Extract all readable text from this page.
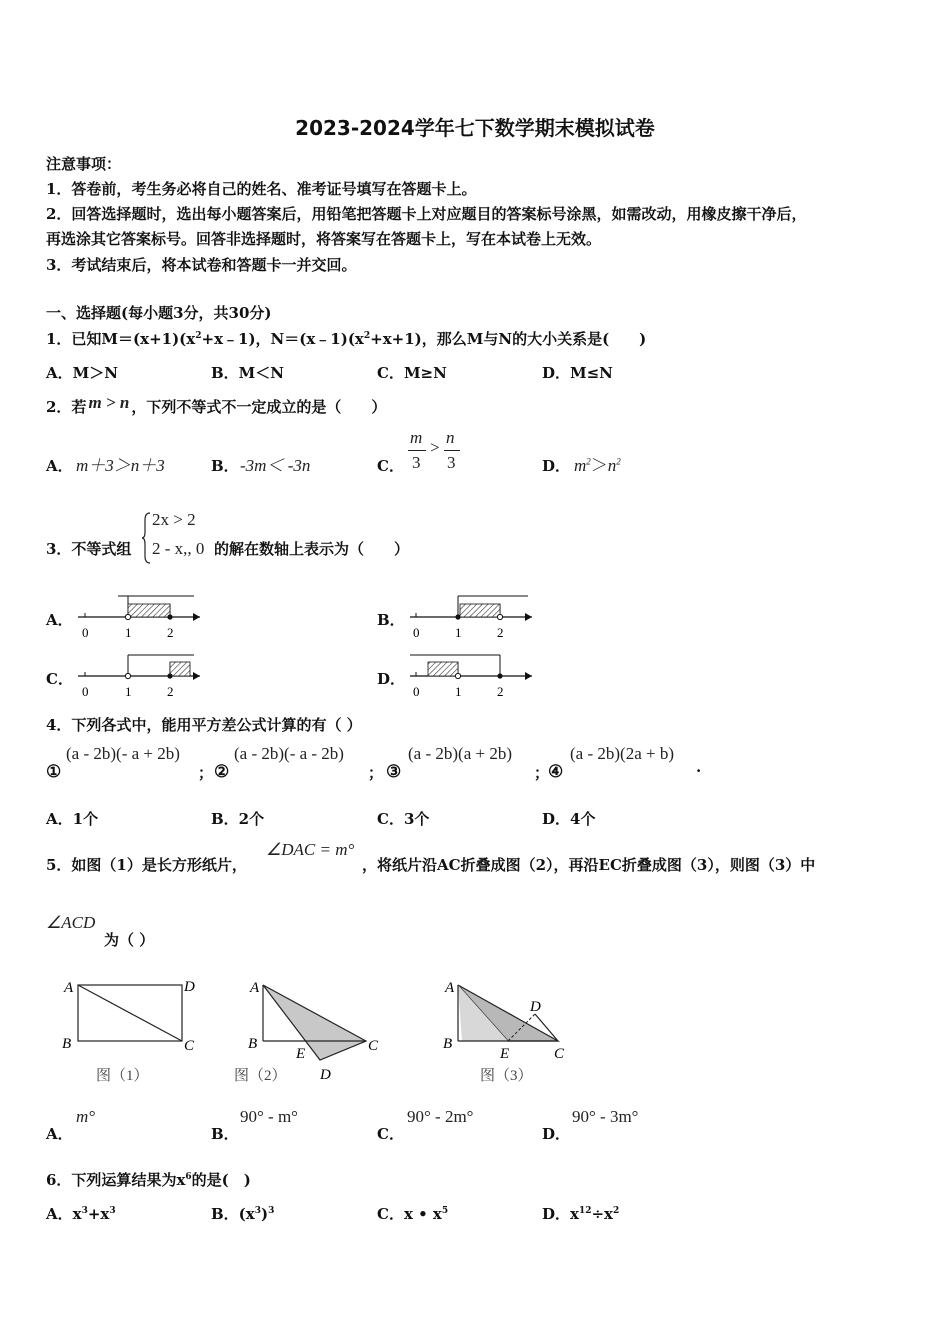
2023-2024学年七下数学期末模拟试卷
注意事项：
1．答卷前，考生务必将自己的姓名、准考证号填写在答题卡上。
2．回答选择题时，选出每小题答案后，用铅笔把答题卡上对应题目的答案标号涂黑，如需改动，用橡皮擦干净后，
再选涂其它答案标号。回答非选择题时，将答案写在答题卡上，写在本试卷上无效。
3．考试结束后，将本试卷和答题卡一并交回。
一、选择题(每小题3分，共30分)
1．已知$M=(x+1)(x^2+x﹣1)$，$N=(x﹣1)(x^2+x+1)$，那么M与N的大小关系是(　　)
A．M＞N	B．M＜N	C．M≥N	D．M≤N
2．若 m > n ，下列不等式不一定成立的是（　　）
A． m＋3＞n＋3	B． -3m＜ -3n	C．
m
3
>
n
3	D． $m^2>n^2$
3．不等式组
2x > 2
2 - x,, 0 的解在数轴上表示为（　　）
A．	B．
C．	D．
0	1	2	0	1	2
0	1	2	0	1	2
A
B	C
D
图（1）
A
B	C
E
D
图（2）
A
B
C
E
D
图（3）
4．下列各式中，能用平方差公式计算的有（ ）
①
(a - 2b)(- a + 2b)
； ②
(a - 2b)(- a - 2b)
； ③
(a - 2b)(a + 2b)
；
④
(a - 2b)(2a + b)
.
A．1个	B．2个	C．3个	D．4个
5．如图（1）是长方形纸片，
∠DAC = m°
，将纸片沿AC折叠成图（2），再沿EC折叠成图（3），则图（3）中
∠ACD
为（ ）
A．
m°
B．
90° - m°
C．
90° - 2m°
D．
90° - 3m°
6．下列运算结果为$x^6$的是(　)
A．$x^3+x^3$	B．$(x^3)^3$	C．x • $x^5$	D．$x^{12}\div x^2$
